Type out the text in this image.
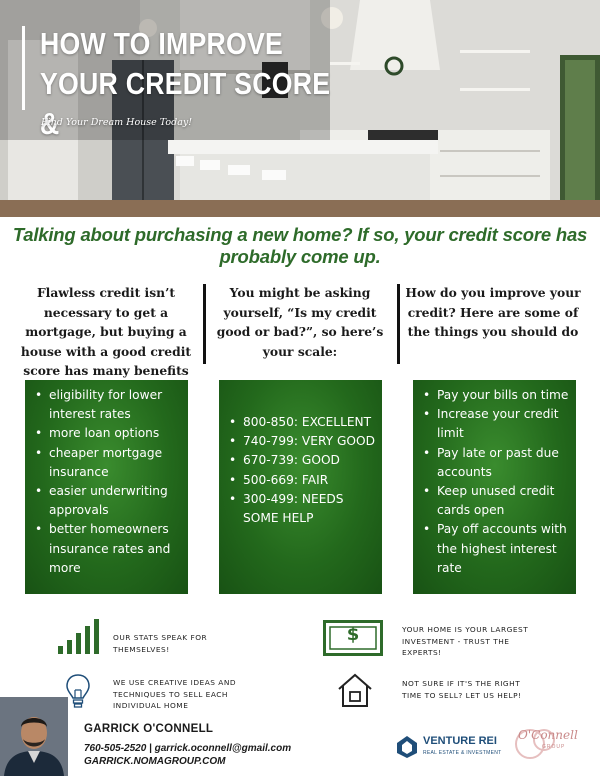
HOW TO IMPROVE YOUR CREDIT SCORE &
Find Your Dream House Today!
Talking about purchasing a new home? If so, your credit score has probably come up.
Flawless credit isn’t necessary to get a mortgage, but buying a house with a good credit score has many benefits
You might be asking yourself, “Is my credit good or bad?”, so here’s your scale:
How do you improve your credit? Here are some of the things you should do
• eligibility for lower interest rates
• more loan options
• cheaper mortgage insurance
• easier underwriting approvals
• better homeowners insurance rates and more
• 800-850: EXCELLENT
• 740-799: VERY GOOD
• 670-739: GOOD
• 500-669: FAIR
• 300-499: NEEDS SOME HELP
• Pay your bills on time
• Increase your credit limit
• Pay late or past due accounts
• Keep unused credit cards open
• Pay off accounts with the highest interest rate
OUR STATS SPEAK FOR THEMSELVES!
$	YOUR HOME IS YOUR LARGEST INVESTMENT - TRUST THE EXPERTS!
WE USE CREATIVE IDEAS AND TECHNIQUES TO SELL EACH INDIVIDUAL HOME
NOT SURE IF IT'S THE RIGHT TIME TO SELL? LET US HELP!
GARRICK O'CONNELL
760-505-2520 | garrick.oconnell@gmail.com
GARRICK.NOMAGROUP.COM
VENTURE REI
REAL ESTATE & INVESTMENT
O'Connell
GROUP
